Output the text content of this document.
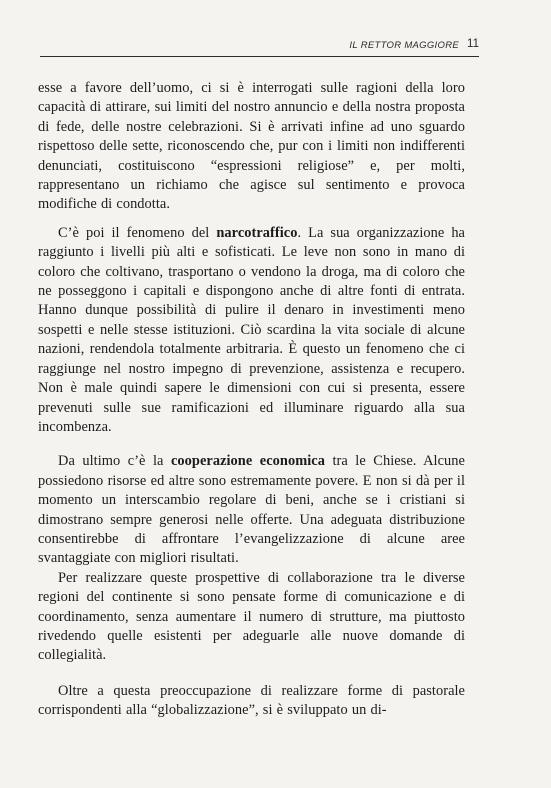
IL RETTOR MAGGIORE 11

esse a favore dell’uomo, ci si è interrogati sulle ragioni della loro capacità di attirare, sui limiti del nostro annuncio e della nostra proposta di fede, delle nostre celebrazioni. Si è arrivati infine ad uno sguardo rispettoso delle sette, riconoscendo che, pur con i limiti non indifferenti denunciati, costituiscono “espressioni religiose” e, per molti, rappresentano un richiamo che agisce sul sentimento e provoca modifiche di condotta.

C’è poi il fenomeno del narcotraffico. La sua organizzazione ha raggiunto i livelli più alti e sofisticati. Le leve non sono in mano di coloro che coltivano, trasportano o vendono la droga, ma di coloro che ne posseggono i capitali e dispongono anche di altre fonti di entrata. Hanno dunque possibilità di pulire il denaro in investimenti meno sospetti e nelle stesse istituzioni. Ciò scardina la vita sociale di alcune nazioni, rendendola totalmente arbitraria. È questo un fenomeno che ci raggiunge nel nostro impegno di prevenzione, assistenza e recupero. Non è male quindi sapere le dimensioni con cui si presenta, essere prevenuti sulle sue ramificazioni ed illuminare riguardo alla sua incombenza.

Da ultimo c’è la cooperazione economica tra le Chiese. Alcune possiedono risorse ed altre sono estremamente povere. E non si dà per il momento un interscambio regolare di beni, anche se i cristiani si dimostrano sempre generosi nelle offerte. Una adeguata distribuzione consentirebbe di affrontare l’evangelizzazione di alcune aree svantaggiate con migliori risultati.

Per realizzare queste prospettive di collaborazione tra le diverse regioni del continente si sono pensate forme di comunicazione e di coordinamento, senza aumentare il numero di strutture, ma piuttosto rivedendo quelle esistenti per adeguarle alle nuove domande di collegialità.

Oltre a questa preoccupazione di realizzare forme di pastorale corrispondenti alla “globalizzazione”, si è sviluppato un di-
